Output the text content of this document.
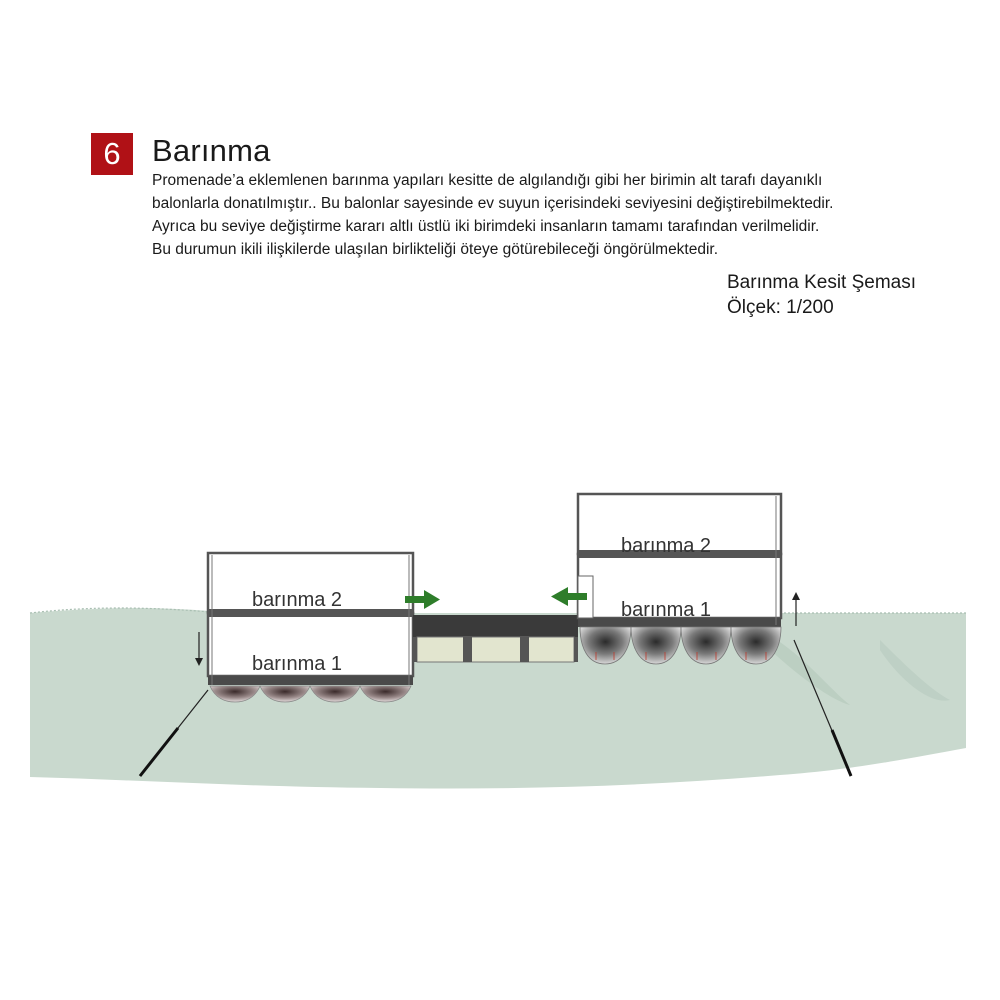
6	Barınma

Promenade’a eklemlenen barınma yapıları kesitte de algılandığı gibi her birimin alt tarafı dayanıklı

balonlarla donatılmıştır.. Bu balonlar sayesinde ev suyun içerisindeki seviyesini değiştirebilmektedir.

Ayrıca bu seviye değiştirme kararı altlı üstlü iki birimdeki insanların tamamı tarafından verilmelidir.

Bu durumun ikili ilişkilerde ulaşılan birlikteliği öteye götürebileceği öngörülmektedir.

Barınma Kesit Şeması
Ölçek: 1/200
barınma 2
barınma 1
barınma 2
barınma 1
